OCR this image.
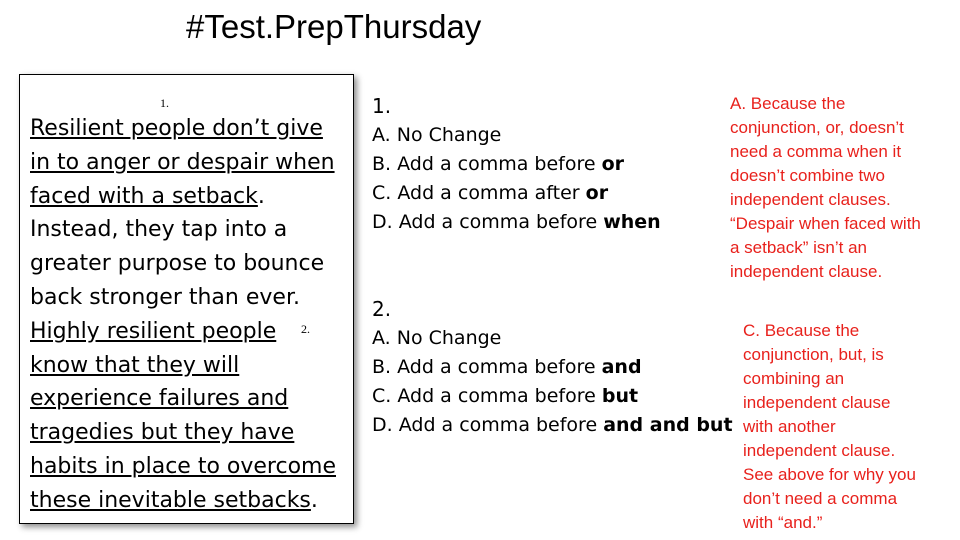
#Test.PrepThursday
1.
2.
Resilient people don’t give
in to anger or despair when
faced with a setback.
Instead, they tap into a
greater purpose to bounce
back stronger than ever.
Highly resilient people
know that they will
experience failures and
tragedies but they have
habits in place to overcome
these inevitable setbacks.
1.
A. No Change
B. Add a comma before or
C. Add a comma after or
D. Add a comma before when
A. Because the
conjunction, or, doesn’t
need a comma when it
doesn’t combine two
independent clauses.
“Despair when faced with
a setback” isn’t an
independent clause.
2.
A. No Change
B. Add a comma before and
C. Add a comma before but
D. Add a comma before and and but
C. Because the
conjunction, but, is
combining an
independent clause
with another
independent clause.
See above for why you
don’t need a comma
with “and.”
